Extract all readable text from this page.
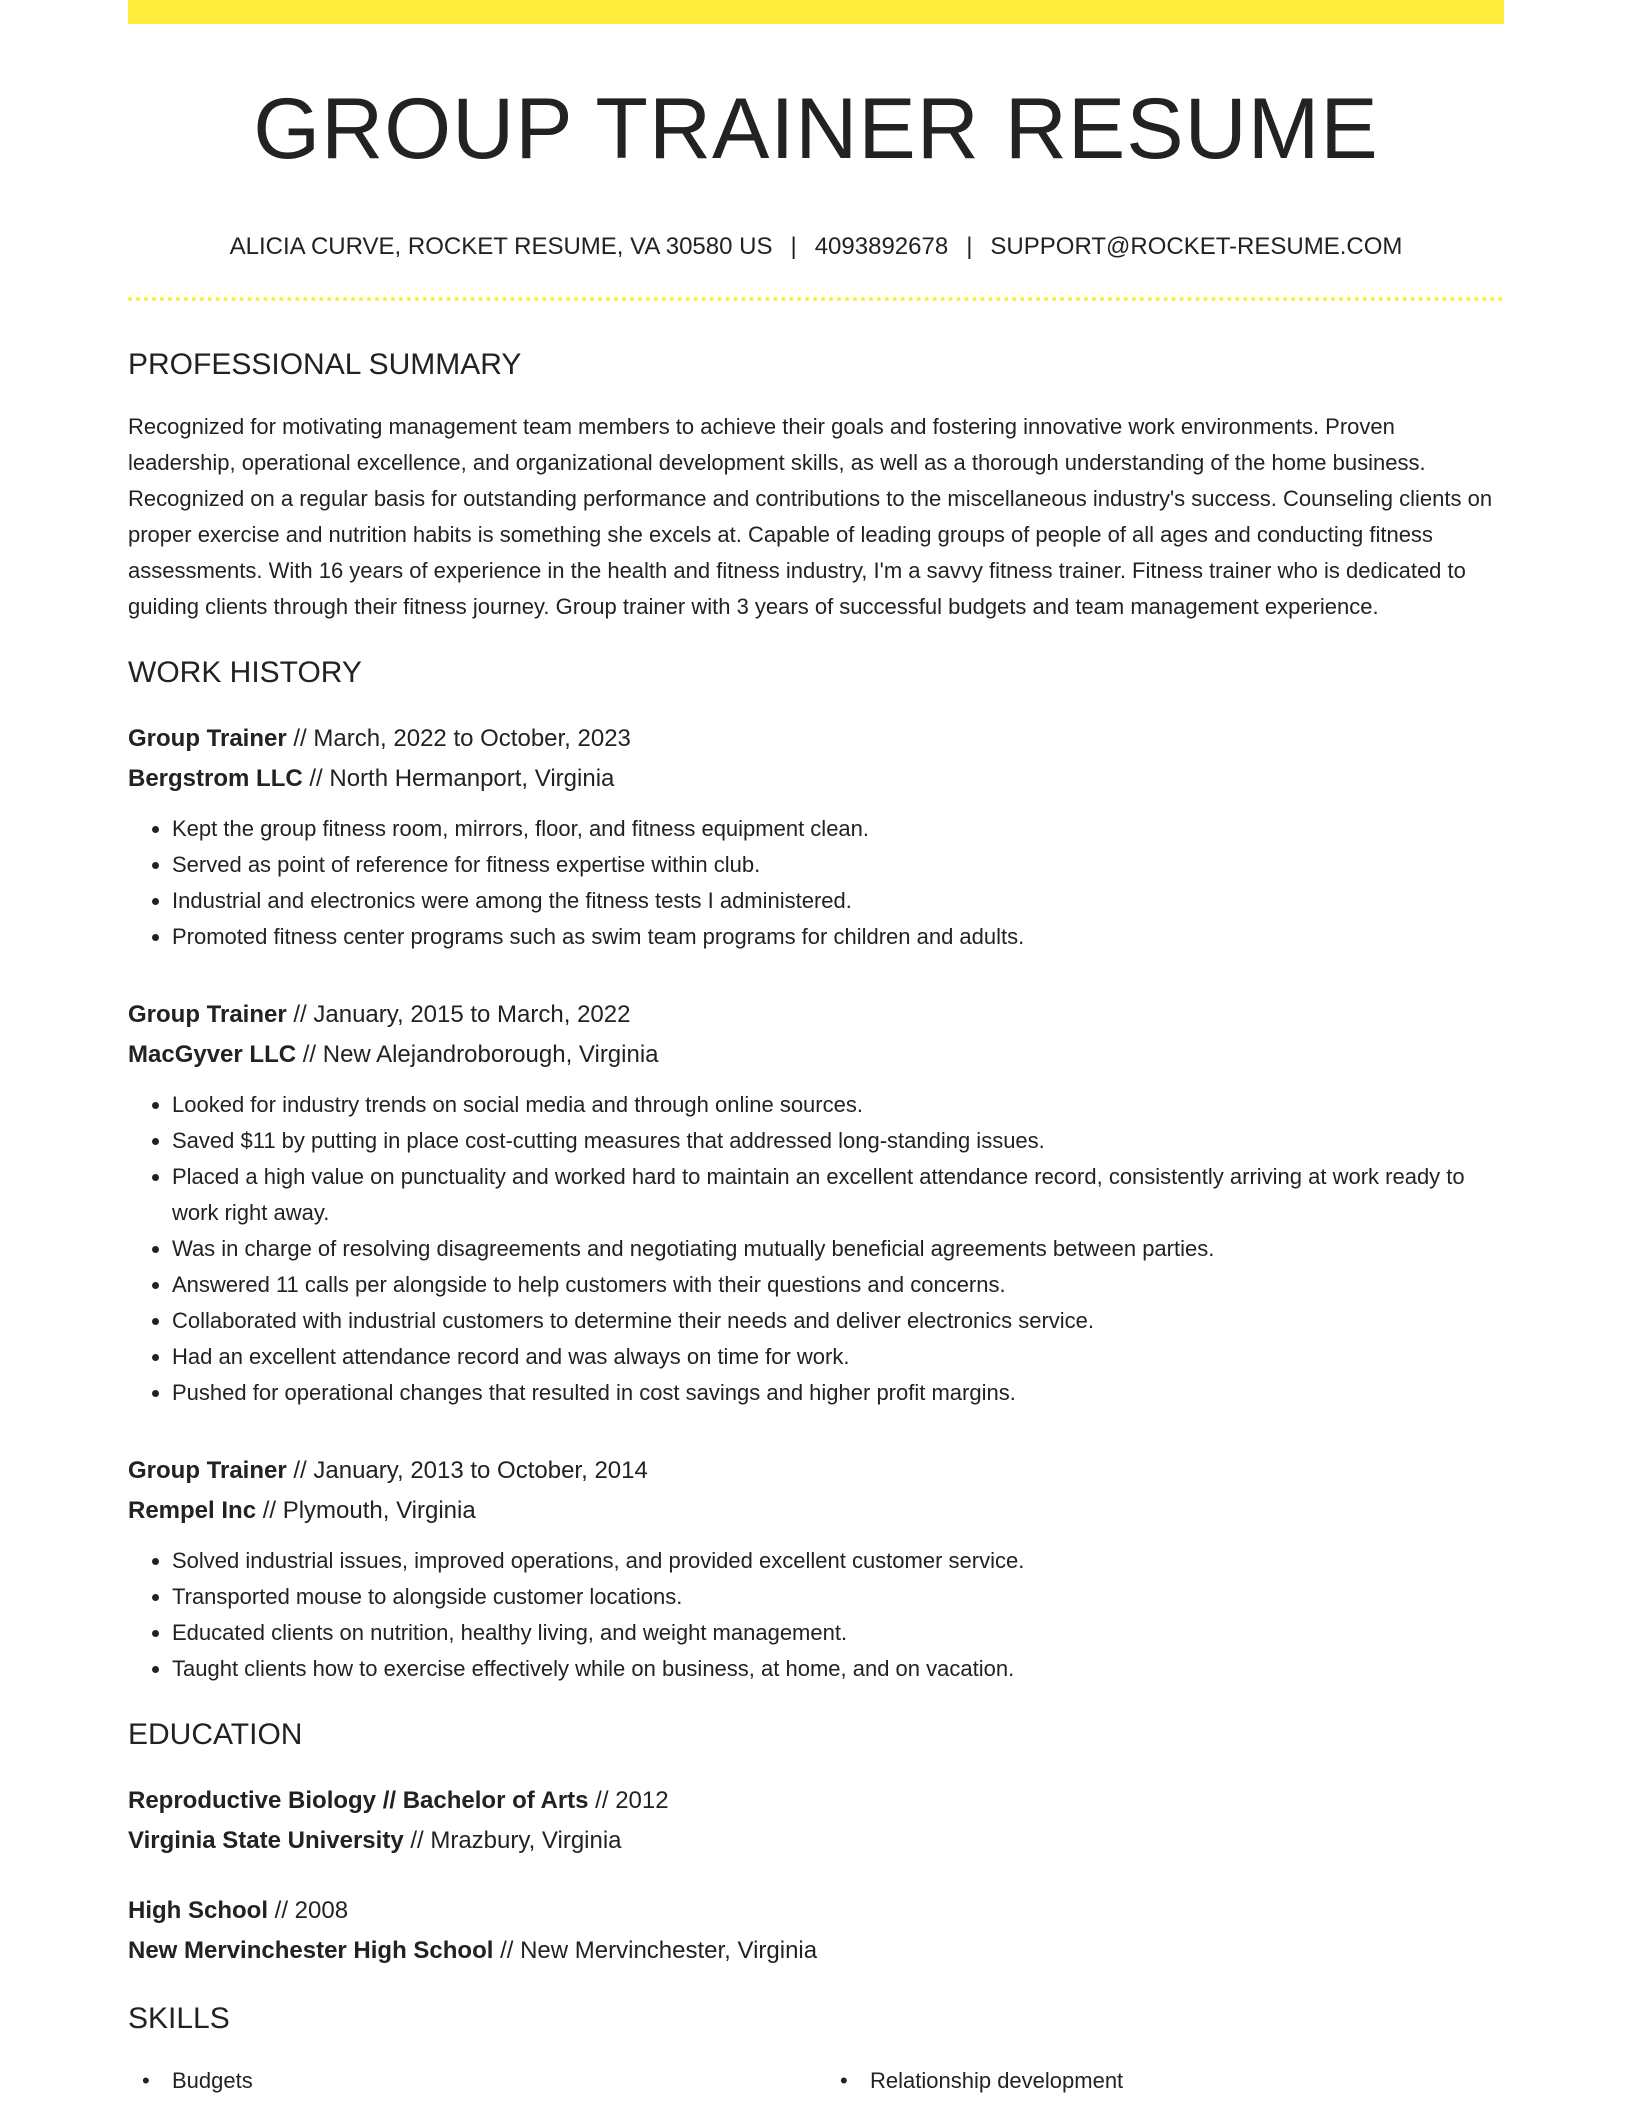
GROUP TRAINER RESUME
ALICIA CURVE, ROCKET RESUME, VA 30580 US | 4093892678 | SUPPORT@ROCKET-RESUME.COM
PROFESSIONAL SUMMARY

Recognized for motivating management team members to achieve their goals and fostering innovative work environments. Proven leadership, operational excellence, and organizational development skills, as well as a thorough understanding of the home business. Recognized on a regular basis for outstanding performance and contributions to the miscellaneous industry's success. Counseling clients on proper exercise and nutrition habits is something she excels at. Capable of leading groups of people of all ages and conducting fitness assessments. With 16 years of experience in the health and fitness industry, I'm a savvy fitness trainer. Fitness trainer who is dedicated to guiding clients through their fitness journey. Group trainer with 3 years of successful budgets and team management experience.

WORK HISTORY
Group Trainer // March, 2022 to October, 2023
Bergstrom LLC // North Hermanport, Virginia
• Kept the group fitness room, mirrors, floor, and fitness equipment clean.
• Served as point of reference for fitness expertise within club.
• Industrial and electronics were among the fitness tests I administered.
• Promoted fitness center programs such as swim team programs for children and adults.
Group Trainer // January, 2015 to March, 2022
MacGyver LLC // New Alejandroborough, Virginia
• Looked for industry trends on social media and through online sources.
• Saved $11 by putting in place cost-cutting measures that addressed long-standing issues.
• Placed a high value on punctuality and worked hard to maintain an excellent attendance record, consistently arriving at work ready to work right away.
• Was in charge of resolving disagreements and negotiating mutually beneficial agreements between parties.
• Answered 11 calls per alongside to help customers with their questions and concerns.
• Collaborated with industrial customers to determine their needs and deliver electronics service.
• Had an excellent attendance record and was always on time for work.
• Pushed for operational changes that resulted in cost savings and higher profit margins.
Group Trainer // January, 2013 to October, 2014
Rempel Inc // Plymouth, Virginia
• Solved industrial issues, improved operations, and provided excellent customer service.
• Transported mouse to alongside customer locations.
• Educated clients on nutrition, healthy living, and weight management.
• Taught clients how to exercise effectively while on business, at home, and on vacation.
EDUCATION
Reproductive Biology // Bachelor of Arts // 2012
Virginia State University // Mrazbury, Virginia
High School // 2008
New Mervinchester High School // New Mervinchester, Virginia
SKILLS
• Budgets
•	Relationship development
